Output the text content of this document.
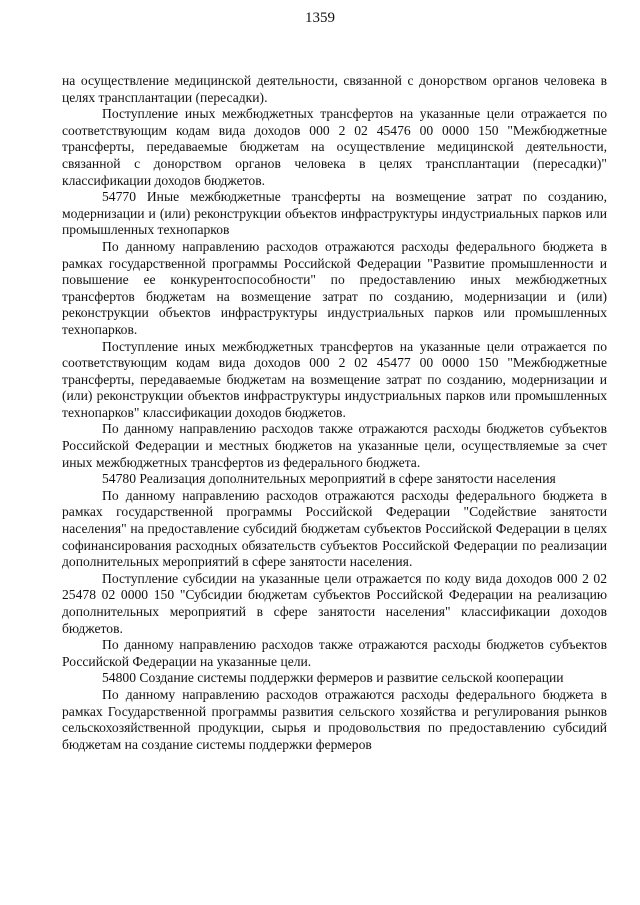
1359

на осуществление медицинской деятельности, связанной с донорством органов человека в целях трансплантации (пересадки).

Поступление иных межбюджетных трансфертов на указанные цели отражается по соответствующим кодам вида доходов 000 2 02 45476 00 0000 150 "Межбюджетные трансферты, передаваемые бюджетам на осуществление медицинской деятельности, связанной с донорством органов человека в целях трансплантации (пересадки)" классификации доходов бюджетов.

54770 Иные межбюджетные трансферты на возмещение затрат по созданию, модернизации и (или) реконструкции объектов инфраструктуры индустриальных парков или промышленных технопарков

По данному направлению расходов отражаются расходы федерального бюджета в рамках государственной программы Российской Федерации "Развитие промышленности и повышение ее конкурентоспособности" по предоставлению иных межбюджетных трансфертов бюджетам на возмещение затрат по созданию, модернизации и (или) реконструкции объектов инфраструктуры индустриальных парков или промышленных технопарков.

Поступление иных межбюджетных трансфертов на указанные цели отражается по соответствующим кодам вида доходов 000 2 02 45477 00 0000 150 "Межбюджетные трансферты, передаваемые бюджетам на возмещение затрат по созданию, модернизации и (или) реконструкции объектов инфраструктуры индустриальных парков или промышленных технопарков" классификации доходов бюджетов.

По данному направлению расходов также отражаются расходы бюджетов субъектов Российской Федерации и местных бюджетов на указанные цели, осуществляемые за счет иных межбюджетных трансфертов из федерального бюджета.

54780 Реализация дополнительных мероприятий в сфере занятости населения

По данному направлению расходов отражаются расходы федерального бюджета в рамках государственной программы Российской Федерации "Содействие занятости населения" на предоставление субсидий бюджетам субъектов Российской Федерации в целях софинансирования расходных обязательств субъектов Российской Федерации по реализации дополнительных мероприятий в сфере занятости населения.

Поступление субсидии на указанные цели отражается по коду вида доходов 000 2 02 25478 02 0000 150 "Субсидии бюджетам субъектов Российской Федерации на реализацию дополнительных мероприятий в сфере занятости населения" классификации доходов бюджетов.

По данному направлению расходов также отражаются расходы бюджетов субъектов Российской Федерации на указанные цели.

54800 Создание системы поддержки фермеров и развитие сельской кооперации

По данному направлению расходов отражаются расходы федерального бюджета в рамках Государственной программы развития сельского хозяйства и регулирования рынков сельскохозяйственной продукции, сырья и продовольствия по предоставлению субсидий бюджетам на создание системы поддержки фермеров
